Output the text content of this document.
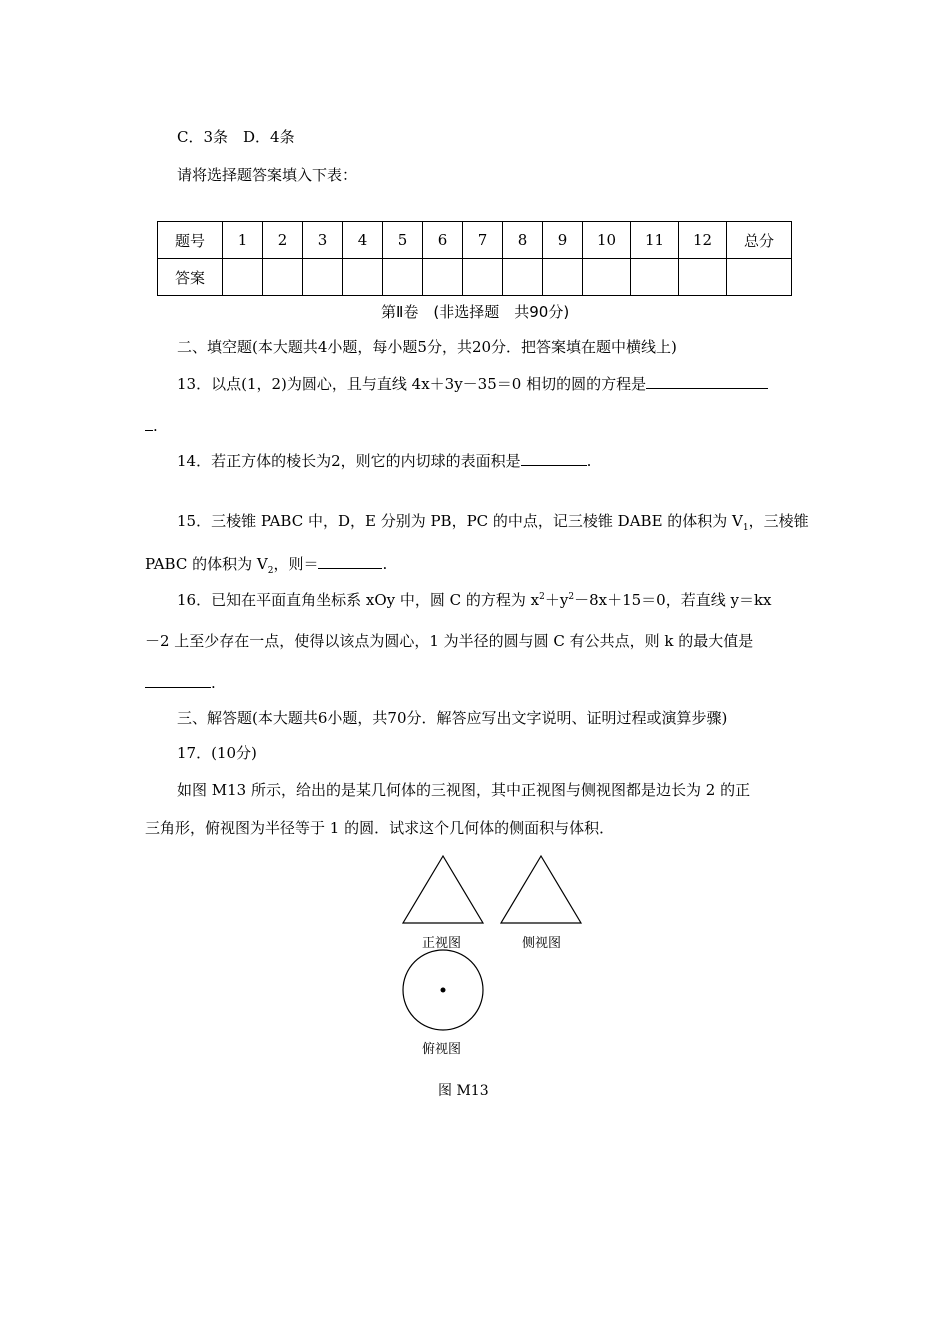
C．3条　D．4条
请将选择题答案填入下表：
题号	1	2	3	4	5	6	7	8	9	10	11	12	总分
答案													
第Ⅱ卷　(非选择题　共90分)
二、填空题(本大题共4小题，每小题5分，共20分．把答案填在题中横线上)
13．以点(1，2)为圆心，且与直线 4x＋3y－35＝0 相切的圆的方程是
.
14．若正方体的棱长为2，则它的内切球的表面积是	.
15．三棱锥 PABC 中，D，E 分别为 PB，PC 的中点，记三棱锥 DABE 的体积为 $V_1$，三棱锥
PABC 的体积为 $V_2$，则＝	.
16．已知在平面直角坐标系 xOy 中，圆 C 的方程为 $x^2+y^2-8x+15=0$，若直线 y＝kx
－2 上至少存在一点，使得以该点为圆心，1 为半径的圆与圆 C 有公共点，则 k 的最大值是
.
三、解答题(本大题共6小题，共70分．解答应写出文字说明、证明过程或演算步骤)
17．(10分)
如图 M13 所示，给出的是某几何体的三视图，其中正视图与侧视图都是边长为 2 的正
三角形，俯视图为半径等于 1 的圆．试求这个几何体的侧面积与体积．
正视图	侧视图
俯视图
图 M13
